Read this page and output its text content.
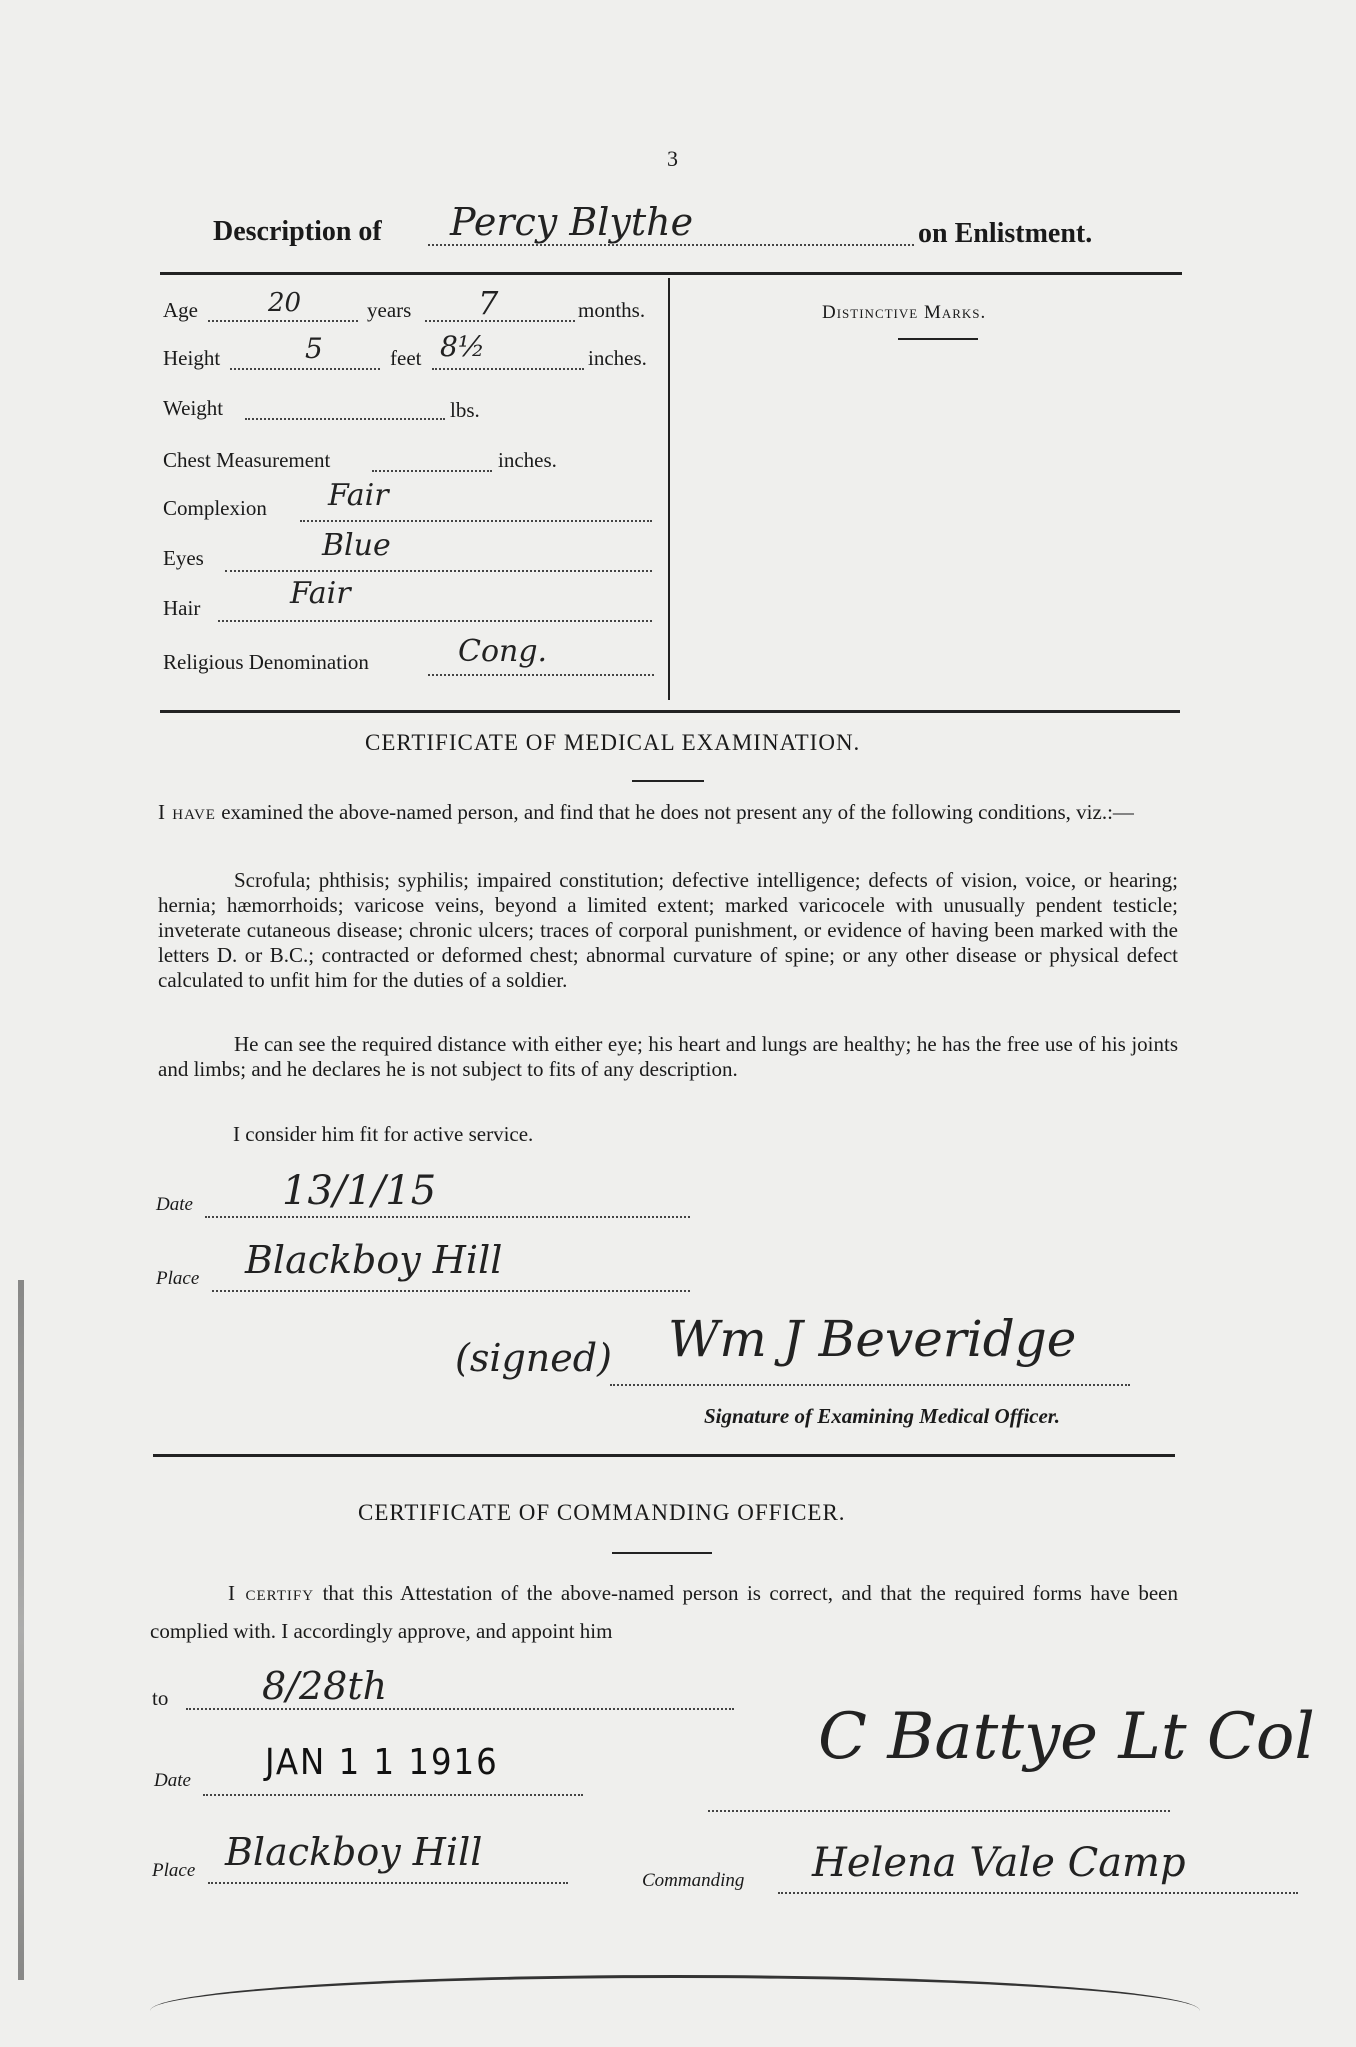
3
Description of Percy Blythe	on Enlistment.
Age	20	years 7	months.
Height	5	feet 8½	inches.
Weight	lbs.
Chest Measurement	inches.
Complexion Fair
Eyes	Blue
Hair	Fair
Religious Denomination	Cong.
Distinctive Marks.
CERTIFICATE OF MEDICAL EXAMINATION.
I have examined the above-named person, and find that he does not present any of the following conditions, viz.:—
Scrofula; phthisis; syphilis; impaired constitution; defective intelligence; defects of vision, voice, or hearing; hernia; hæmorrhoids; varicose veins, beyond a limited extent; marked varicocele with unusually pendent testicle; inveterate cutaneous disease; chronic ulcers; traces of corporal punishment, or evidence of having been marked with the letters D. or B.C.; contracted or deformed chest; abnormal curvature of spine; or any other disease or physical defect calculated to unfit him for the duties of a soldier.
He can see the required distance with either eye; his heart and lungs are healthy; he has the free use of his joints and limbs; and he declares he is not subject to fits of any description.
I consider him fit for active service.
Date 13/1/15
Place Blackboy Hill
(signed) Wm J Beveridge
Signature of Examining Medical Officer.
CERTIFICATE OF COMMANDING OFFICER.
I certify that this Attestation of the above-named person is correct, and that the required forms have been complied with. I accordingly approve, and appoint him
to 8/28th
Date JAN 1 1 1916	C Battye Lt Col
Place Blackboy Hill
Commanding Helena Vale Camp
